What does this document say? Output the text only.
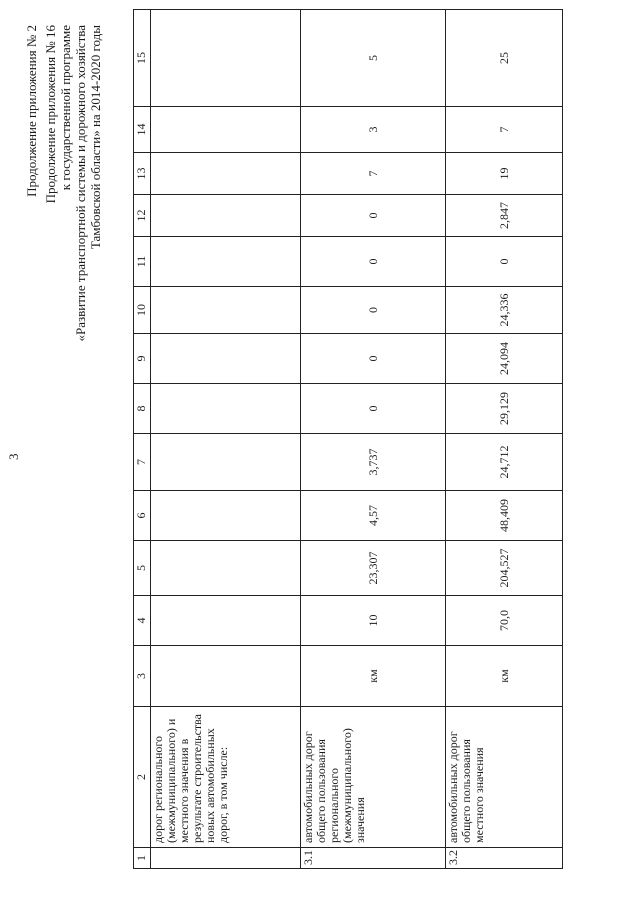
3
Продолжение приложения № 2 Продолжение приложения № 16 к государственной программе «Развитие транспортной системы и дорожного хозяйства Тамбовской области» на 2014-2020 годы
1	2	3	4	5	6	7	8	9	10	11	12	13	14	15
	дорог регионального (межмуниципального) и местного значения в результате строительства новых автомобильных дорог, в том числе:													
3.1	автомобильных дорог общего пользования регионального (межмуниципального) значения	км	10	23,307	4,57	3,737	0	0	0	0	0	7	3	5
3.2	автомобильных дорог общего пользования местного значения	км	70,0	204,527	48,409	24,712	29,129	24,094	24,336	0	2,847	19	7	25
